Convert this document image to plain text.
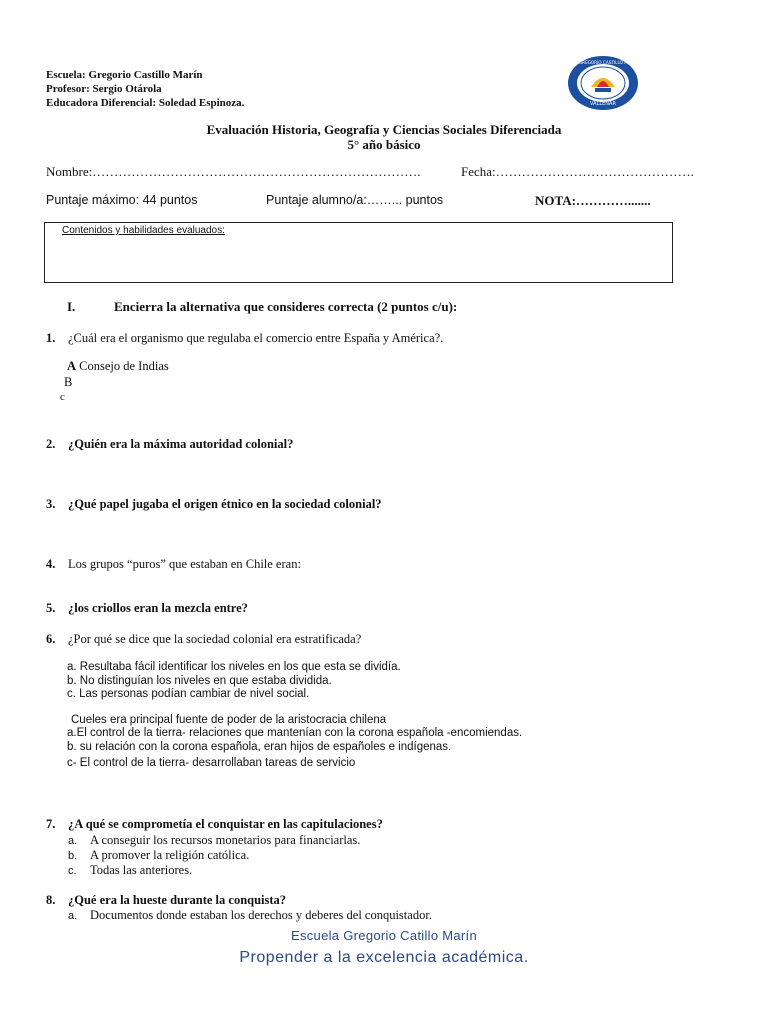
Escuela: Gregorio Castillo Marín
Profesor: Sergio Otárola
Educadora Diferencial: Soledad Espinoza.	VALLENAR
ESC. GREGORIO CASTILLO MARÍN
Evaluación Historia, Geografía y Ciencias Sociales Diferenciada
5° año básico
Nombre:………………………………………………………………….	Fecha:……………………………………….
Puntaje máximo: 44 puntos	Puntaje alumno/a:……... puntos	NOTA:………….......
Contenidos y habilidades evaluados:
I.	Encierra la alternativa que consideres correcta (2 puntos c/u):
1. ¿Cuál era el organismo que regulaba el comercio entre España y América?.
A Consejo de Indias
B
c
2. ¿Quién era la máxima autoridad colonial?
3. ¿Qué papel jugaba el origen étnico en la sociedad colonial?
4. Los grupos “puros” que estaban en Chile eran:
5. ¿los criollos eran la mezcla entre?
6. ¿Por qué se dice que la sociedad colonial era estratificada?
a. Resultaba fácil identificar los niveles en los que esta se dividía.
b. No distinguían los niveles en que estaba dividida.
c. Las personas podían cambiar de nivel social.
Cueles era principal fuente de poder de la aristocracia chilena
a.El control de la tierra- relaciones que mantenían con la corona española -encomiendas.
b. su relación con la corona española, eran hijos de españoles e indígenas.
c- El control de la tierra- desarrollaban tareas de servicio
7. ¿A qué se comprometía el conquistar en las capitulaciones?
a. A conseguir los recursos monetarios para financiarlas.
b. A promover la religión católica.
c. Todas las anteriores.
8. ¿Qué era la hueste durante la conquista?
a. Documentos donde estaban los derechos y deberes del conquistador.
Escuela Gregorio Catillo Marín
Propender a la excelencia académica.
